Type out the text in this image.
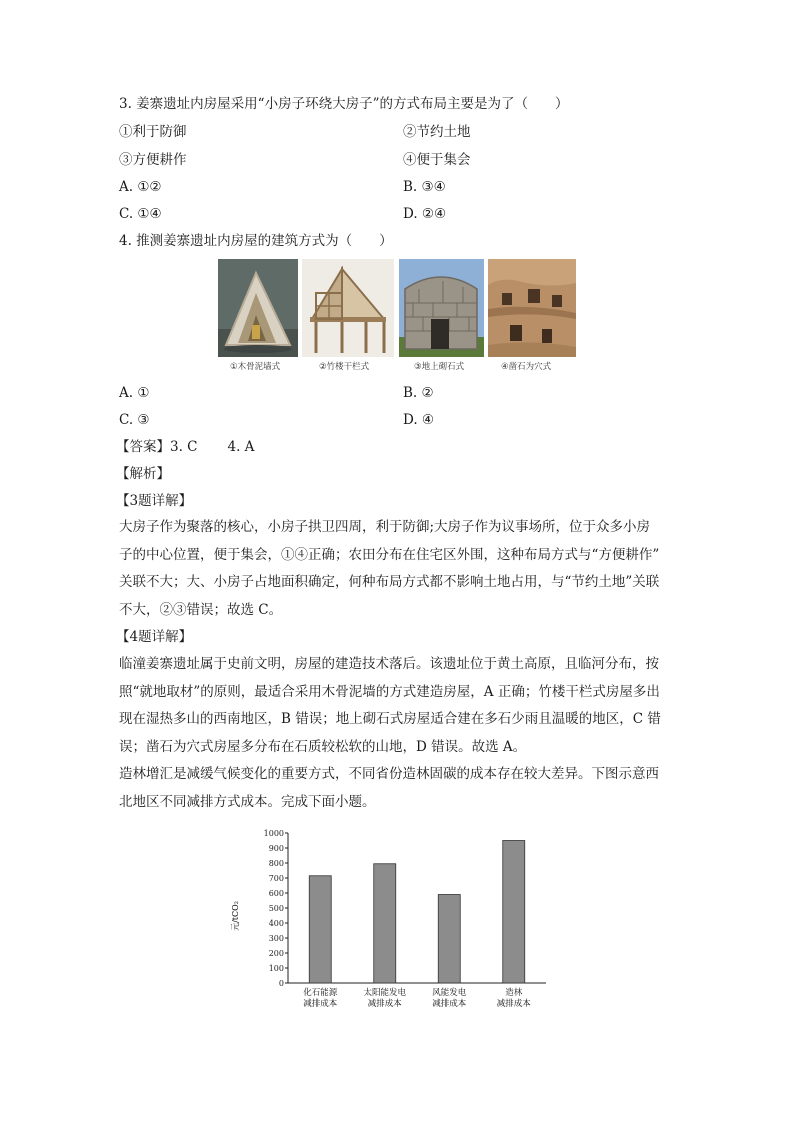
3. 姜寨遗址内房屋采用“小房子环绕大房子”的方式布局主要是为了（　　）
①利于防御	②节约土地
③方便耕作	④便于集会
A. ①②	B. ③④
C. ①④	D. ②④
4. 推测姜寨遗址内房屋的建筑方式为（　　）
①木骨泥墙式	②竹楼干栏式	③地上砌石式	④凿石为穴式
A. ①	B. ②
C. ③	D. ④
【答案】3. C 4. A
【解析】
【3题详解】
大房子作为聚落的核心，小房子拱卫四周，利于防御;大房子作为议事场所，位于众多小房
子的中心位置，便于集会，①④正确；农田分布在住宅区外围，这种布局方式与“方便耕作”
关联不大；大、小房子占地面积确定，何种布局方式都不影响土地占用，与“节约土地”关联
不大，②③错误；故选 C。
【4题详解】
临潼姜寨遗址属于史前文明，房屋的建造技术落后。该遗址位于黄土高原，且临河分布，按
照“就地取材”的原则，最适合采用木骨泥墙的方式建造房屋，A 正确；竹楼干栏式房屋多出
现在湿热多山的西南地区，B 错误；地上砌石式房屋适合建在多石少雨且温暖的地区，C 错
误；凿石为穴式房屋多分布在石质较松软的山地，D 错误。故选 A。
造林增汇是减缓气候变化的重要方式，不同省份造林固碳的成本存在较大差异。下图示意西
北地区不同减排方式成本。完成下面小题。
0
100
200
300
400
500
600
700
800
900
1000
化石能源
减排成本
太阳能发电
减排成本
风能发电
减排成本
造林
减排成本
元/tCO₂
